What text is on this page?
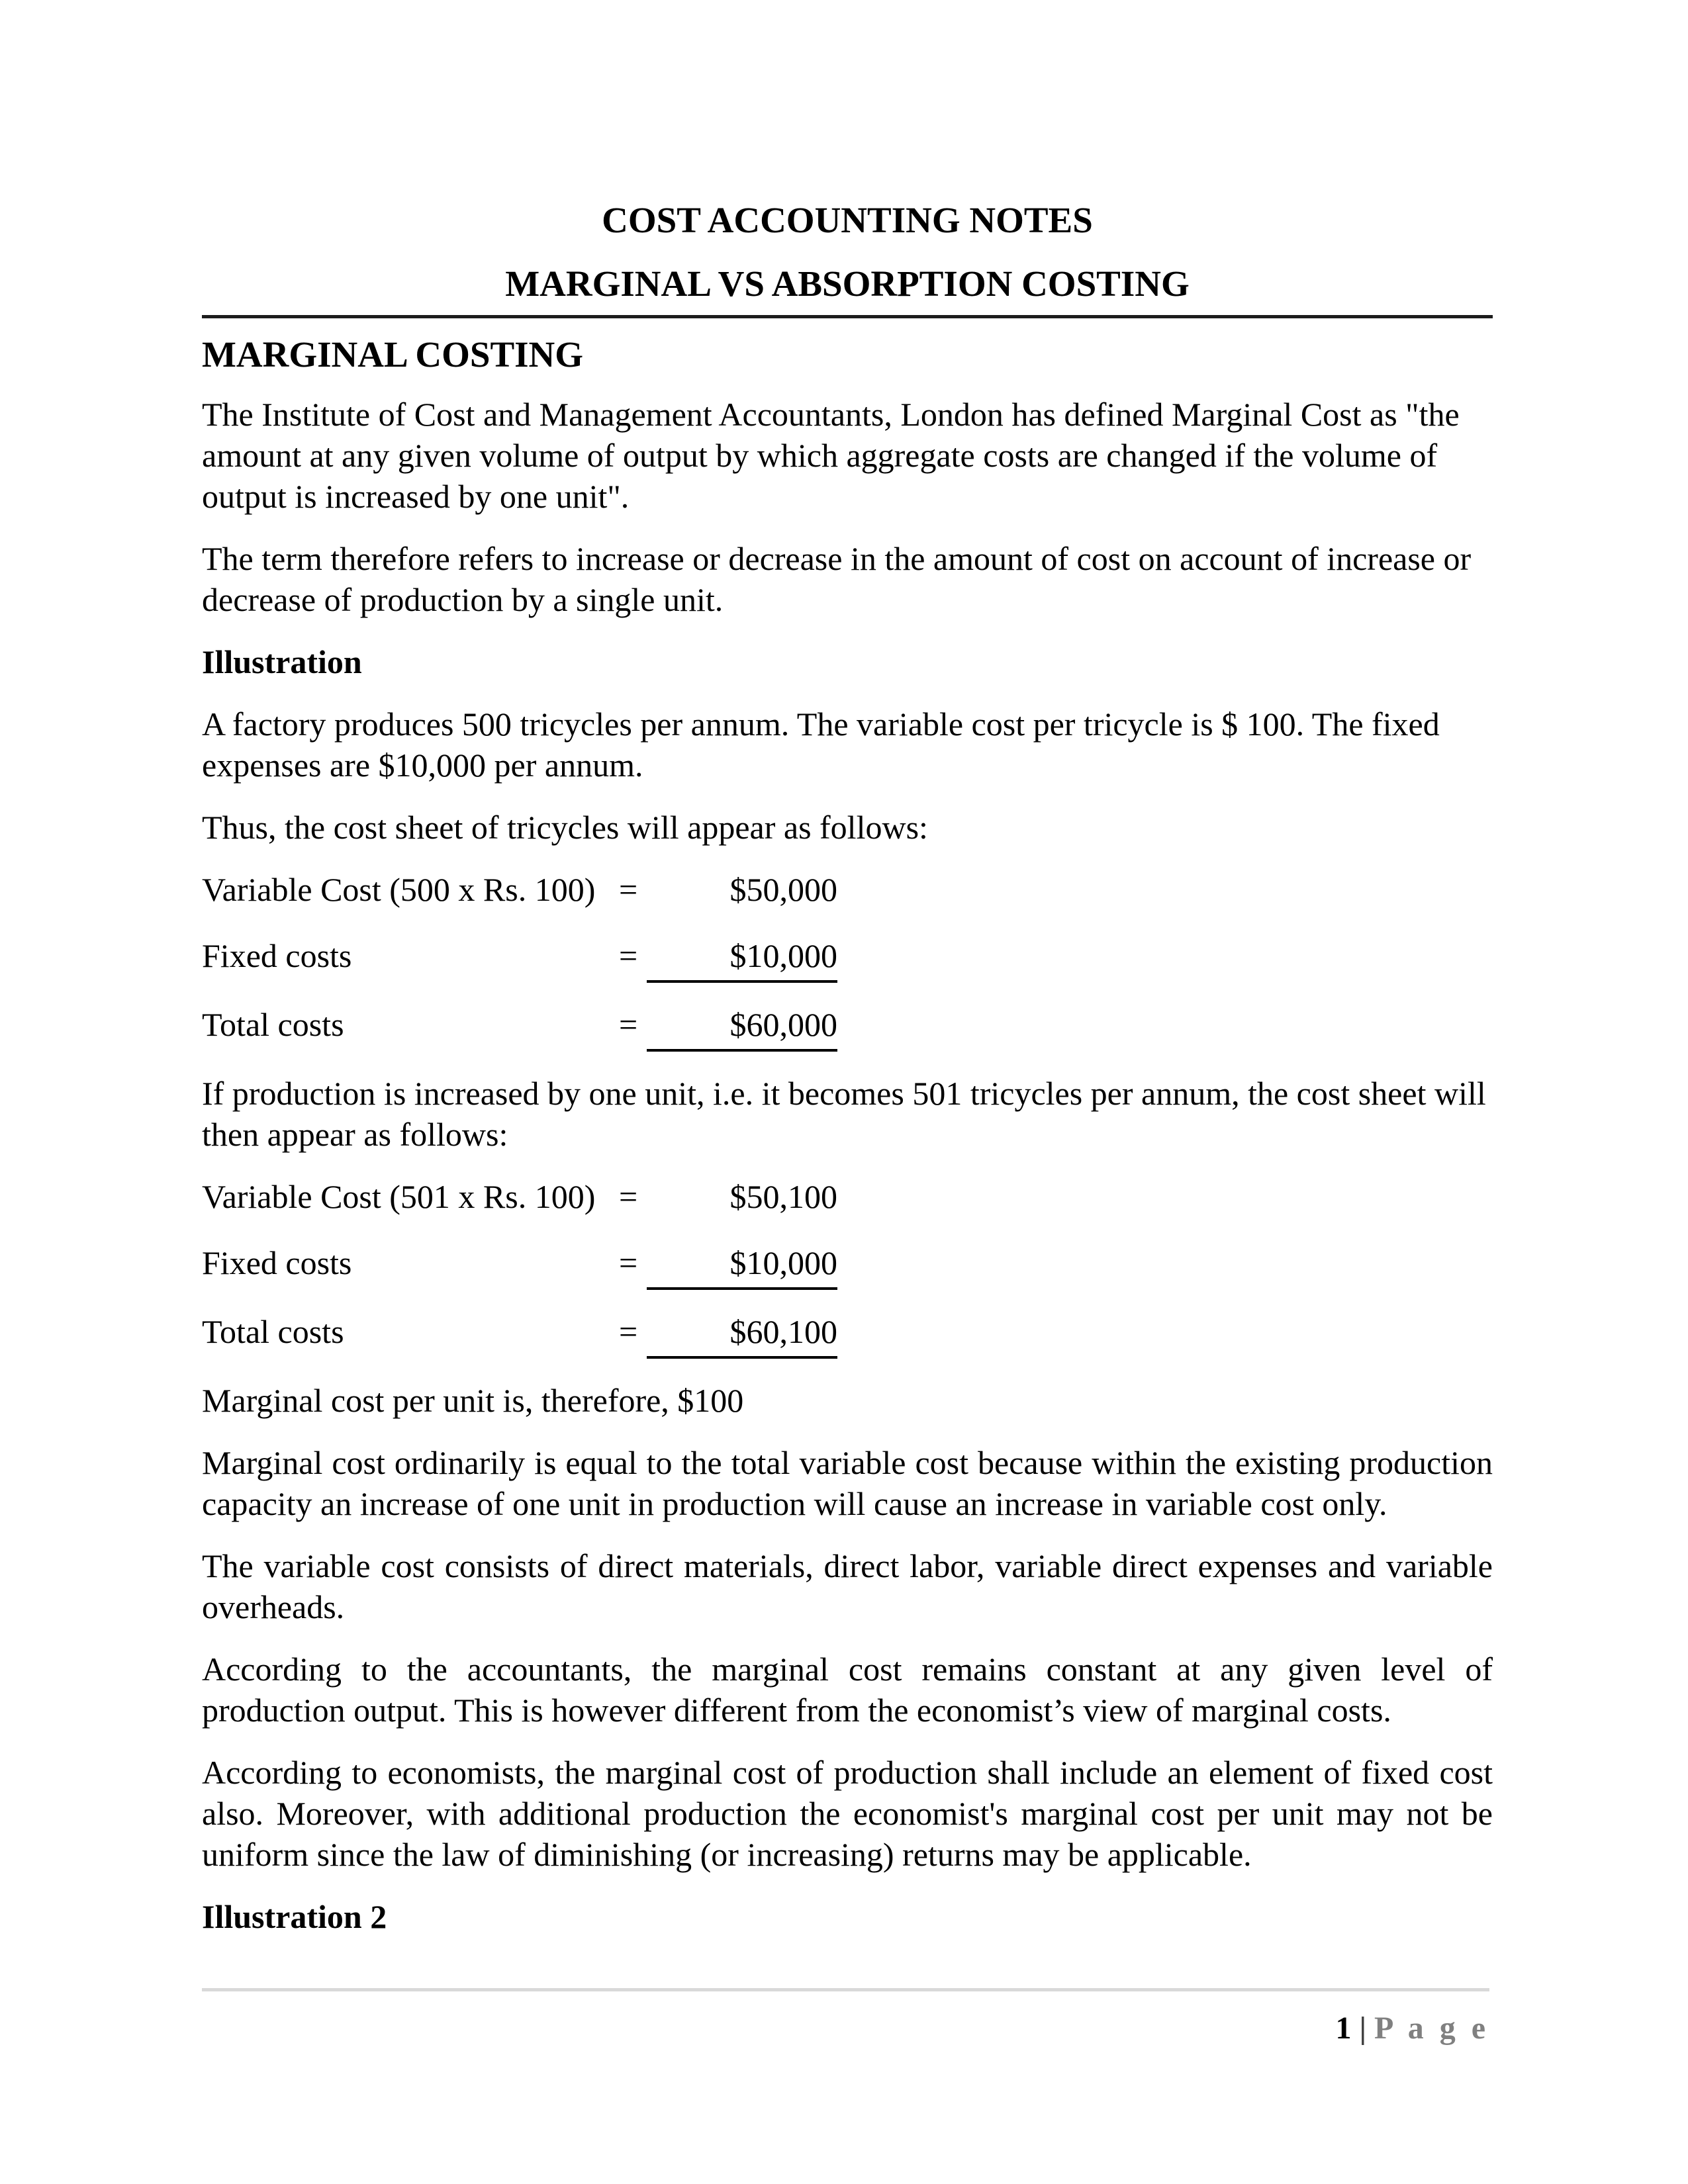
COST ACCOUNTING NOTES
MARGINAL VS ABSORPTION COSTING
MARGINAL COSTING

The Institute of Cost and Management Accountants, London has defined Marginal Cost as "the amount at any given volume of output by which aggregate costs are changed if the volume of output is increased by one unit".

The term therefore refers to increase or decrease in the amount of cost on account of increase or decrease of production by a single unit.

Illustration

A factory produces 500 tricycles per annum. The variable cost per tricycle is $ 100. The fixed expenses are $10,000 per annum.

Thus, the cost sheet of tricycles will appear as follows:

Variable Cost (500 x Rs. 100) =	$50,000
Fixed costs	=	$10,000
Total costs	=	$60,000

If production is increased by one unit, i.e. it becomes 501 tricycles per annum, the cost sheet will then appear as follows:

Variable Cost (501 x Rs. 100) =	$50,100
Fixed costs	=	$10,000
Total costs	=	$60,100

Marginal cost per unit is, therefore, $100

Marginal cost ordinarily is equal to the total variable cost because within the existing production capacity an increase of one unit in production will cause an increase in variable cost only.

The variable cost consists of direct materials, direct labor, variable direct expenses and variable overheads.

According to the accountants, the marginal cost remains constant at any given level of production output. This is however different from the economist’s view of marginal costs.

According to economists, the marginal cost of production shall include an element of fixed cost also. Moreover, with additional production the economist's marginal cost per unit may not be uniform since the law of diminishing (or increasing) returns may be applicable.

Illustration 2
1 | P a g e
